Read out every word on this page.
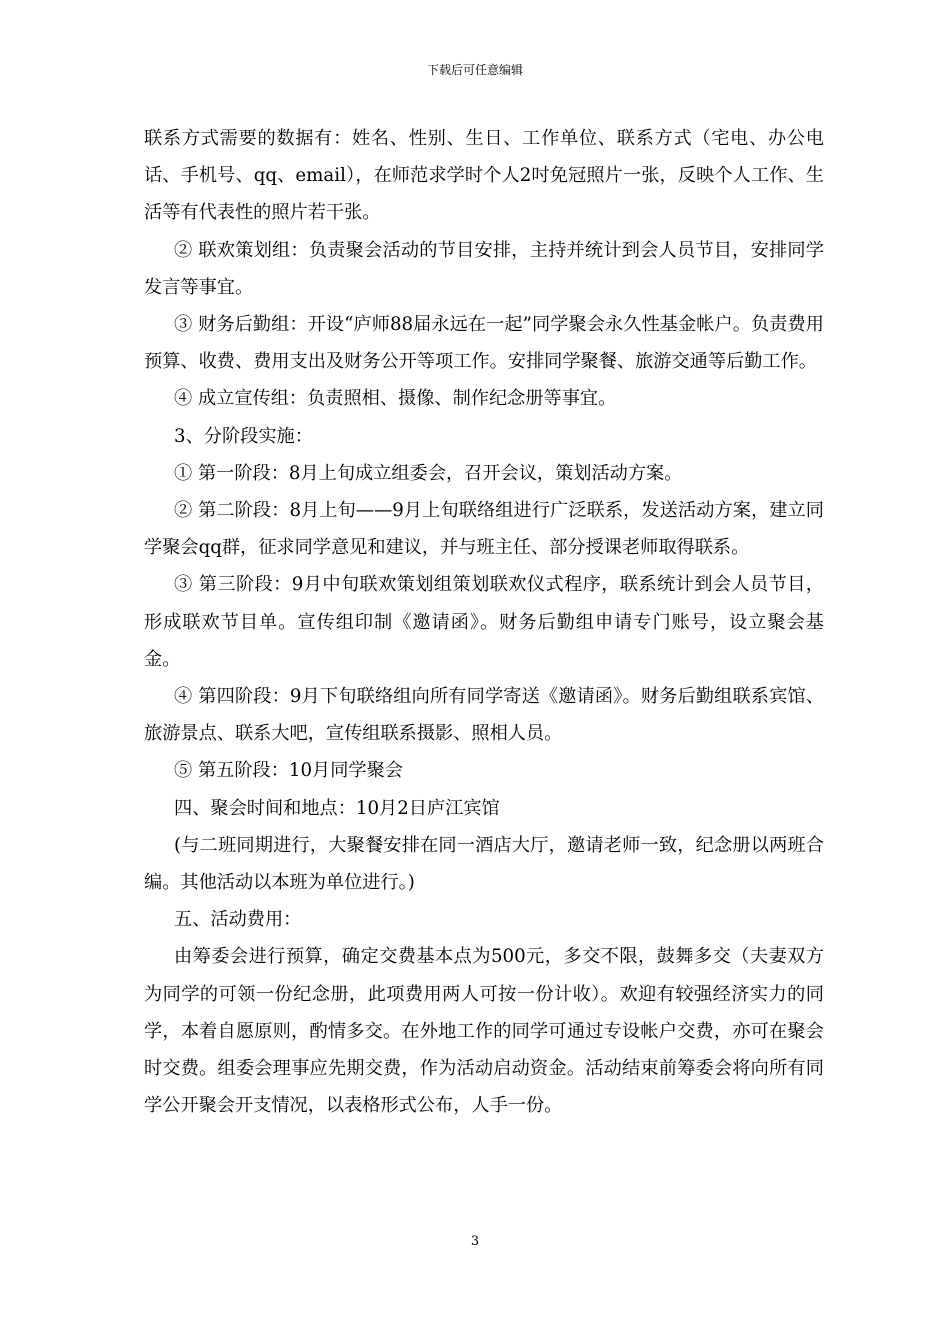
下载后可任意编辑

联系方式需要的数据有：姓名、性别、生日、工作单位、联系方式（宅电、办公电话、手机号、qq、email），在师范求学时个人2吋免冠照片一张，反映个人工作、生活等有代表性的照片若干张。

② 联欢策划组：负责聚会活动的节目安排，主持并统计到会人员节目，安排同学发言等事宜。

③ 财务后勤组：开设“庐师88届永远在一起”同学聚会永久性基金帐户。负责费用预算、收费、费用支出及财务公开等项工作。安排同学聚餐、旅游交通等后勤工作。

④ 成立宣传组：负责照相、摄像、制作纪念册等事宜。

3、分阶段实施：

① 第一阶段：8月上旬成立组委会，召开会议，策划活动方案。

② 第二阶段：8月上旬——9月上旬联络组进行广泛联系，发送活动方案，建立同学聚会qq群，征求同学意见和建议，并与班主任、部分授课老师取得联系。

③ 第三阶段：9月中旬联欢策划组策划联欢仪式程序，联系统计到会人员节目，形成联欢节目单。宣传组印制《邀请函》。财务后勤组申请专门账号，设立聚会基金。

④ 第四阶段：9月下旬联络组向所有同学寄送《邀请函》。财务后勤组联系宾馆、旅游景点、联系大吧，宣传组联系摄影、照相人员。

⑤ 第五阶段：10月同学聚会

四、聚会时间和地点：10月2日庐江宾馆

(与二班同期进行，大聚餐安排在同一酒店大厅，邀请老师一致，纪念册以两班合编。其他活动以本班为单位进行。)

五、活动费用：

由筹委会进行预算，确定交费基本点为500元，多交不限，鼓舞多交（夫妻双方为同学的可领一份纪念册，此项费用两人可按一份计收）。欢迎有较强经济实力的同学，本着自愿原则，酌情多交。在外地工作的同学可通过专设帐户交费，亦可在聚会时交费。组委会理事应先期交费，作为活动启动资金。活动结束前筹委会将向所有同学公开聚会开支情况，以表格形式公布，人手一份。

3
